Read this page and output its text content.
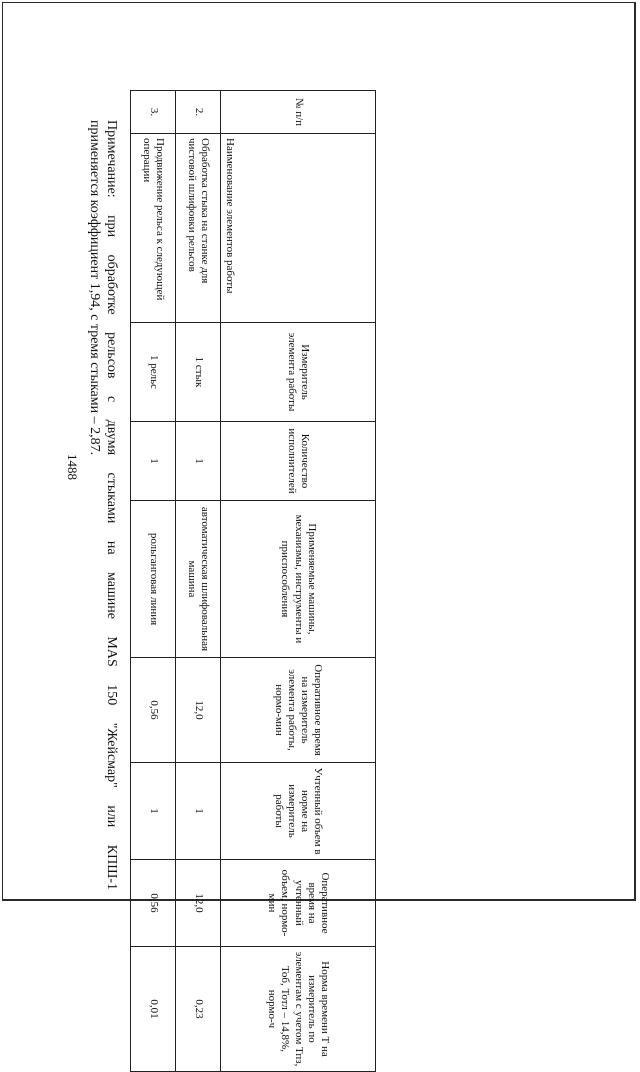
1488
№ п/п	Наименование элементов работы	Измеритель элемента работы	Количество исполнителей	Применяемые машины, механизмы, инструменты и приспособления	Оперативное время на измеритель элемента работы, нормо-мин	Учтенный объем в норме на измеритель работы	Оперативное время на учтенный объем, нормо-мин	Норма времени Т на измеритель по элементам с учетом Тпз, Тоб, Тотл – 14,8%, нормо-ч
2.	Обработка стыка на станке для чистовой шлифовки рельсов	1 стык	1	автоматическая шлифовальная машина	12,0	1	12,0	0,23
3.	Продвижение рельса к следующей операции	1 рельс	1	рольганговая линия	0,56	1	0,56	0,01

Примечание: при обработке рельсов с двумя стыками на машине MAS 150 "Жейсмар" или КПШ-1
применяется коэффициент 1,94, с тремя стыками – 2,87.
